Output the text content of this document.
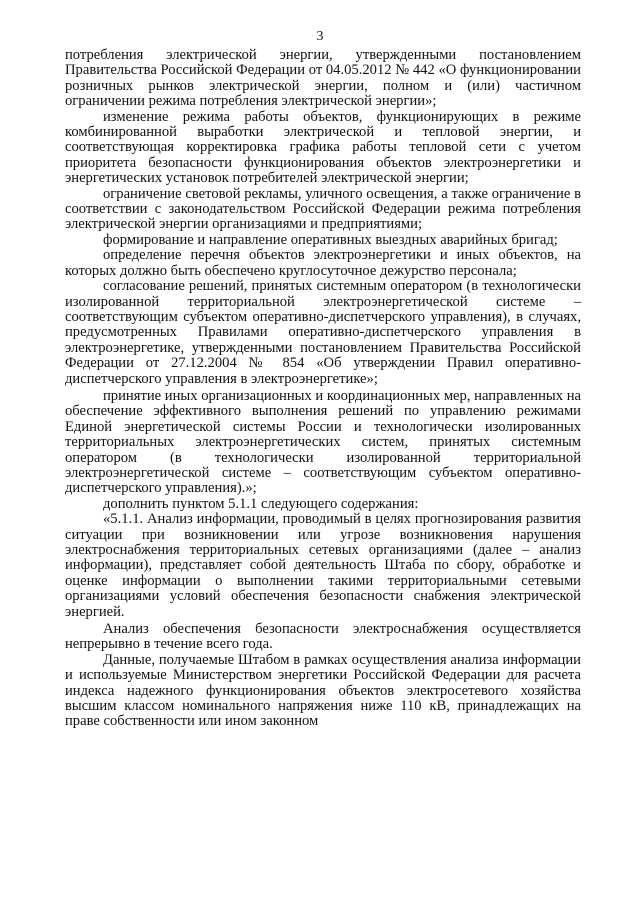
3

потребления электрической энергии, утвержденными постановлением Правительства Российской Федерации от 04.05.2012 № 442 «О функционировании розничных рынков электрической энергии, полном и (или) частичном ограничении режима потребления электрической энергии»;

изменение режима работы объектов, функционирующих в режиме комбинированной выработки электрической и тепловой энергии, и соответствующая корректировка графика работы тепловой сети с учетом приоритета безопасности функционирования объектов электроэнергетики и энергетических установок потребителей электрической энергии;

ограничение световой рекламы, уличного освещения, а также ограничение в соответствии с законодательством Российской Федерации режима потребления электрической энергии организациями и предприятиями;

формирование и направление оперативных выездных аварийных бригад;

определение перечня объектов электроэнергетики и иных объектов, на которых должно быть обеспечено круглосуточное дежурство персонала;

согласование решений, принятых системным оператором (в технологически изолированной территориальной электроэнергетической системе – соответствующим субъектом оперативно-диспетчерского управления), в случаях, предусмотренных Правилами оперативно-диспетчерского управления в электроэнергетике, утвержденными постановлением Правительства Российской Федерации от 27.12.2004 № 854 «Об утверждении Правил оперативно-диспетчерского управления в электроэнергетике»;

принятие иных организационных и координационных мер, направленных на обеспечение эффективного выполнения решений по управлению режимами Единой энергетической системы России и технологически изолированных территориальных электроэнергетических систем, принятых системным оператором (в технологически изолированной территориальной электроэнергетической системе – соответствующим субъектом оперативно-диспетчерского управления).»;

дополнить пунктом 5.1.1 следующего содержания:

«5.1.1. Анализ информации, проводимый в целях прогнозирования развития ситуации при возникновении или угрозе возникновения нарушения электроснабжения территориальных сетевых организациями (далее – анализ информации), представляет собой деятельность Штаба по сбору, обработке и оценке информации о выполнении такими территориальными сетевыми организациями условий обеспечения безопасности снабжения электрической энергией.

Анализ обеспечения безопасности электроснабжения осуществляется непрерывно в течение всего года.

Данные, получаемые Штабом в рамках осуществления анализа информации и используемые Министерством энергетики Российской Федерации для расчета индекса надежного функционирования объектов электросетевого хозяйства высшим классом номинального напряжения ниже 110 кВ, принадлежащих на праве собственности или ином законном
